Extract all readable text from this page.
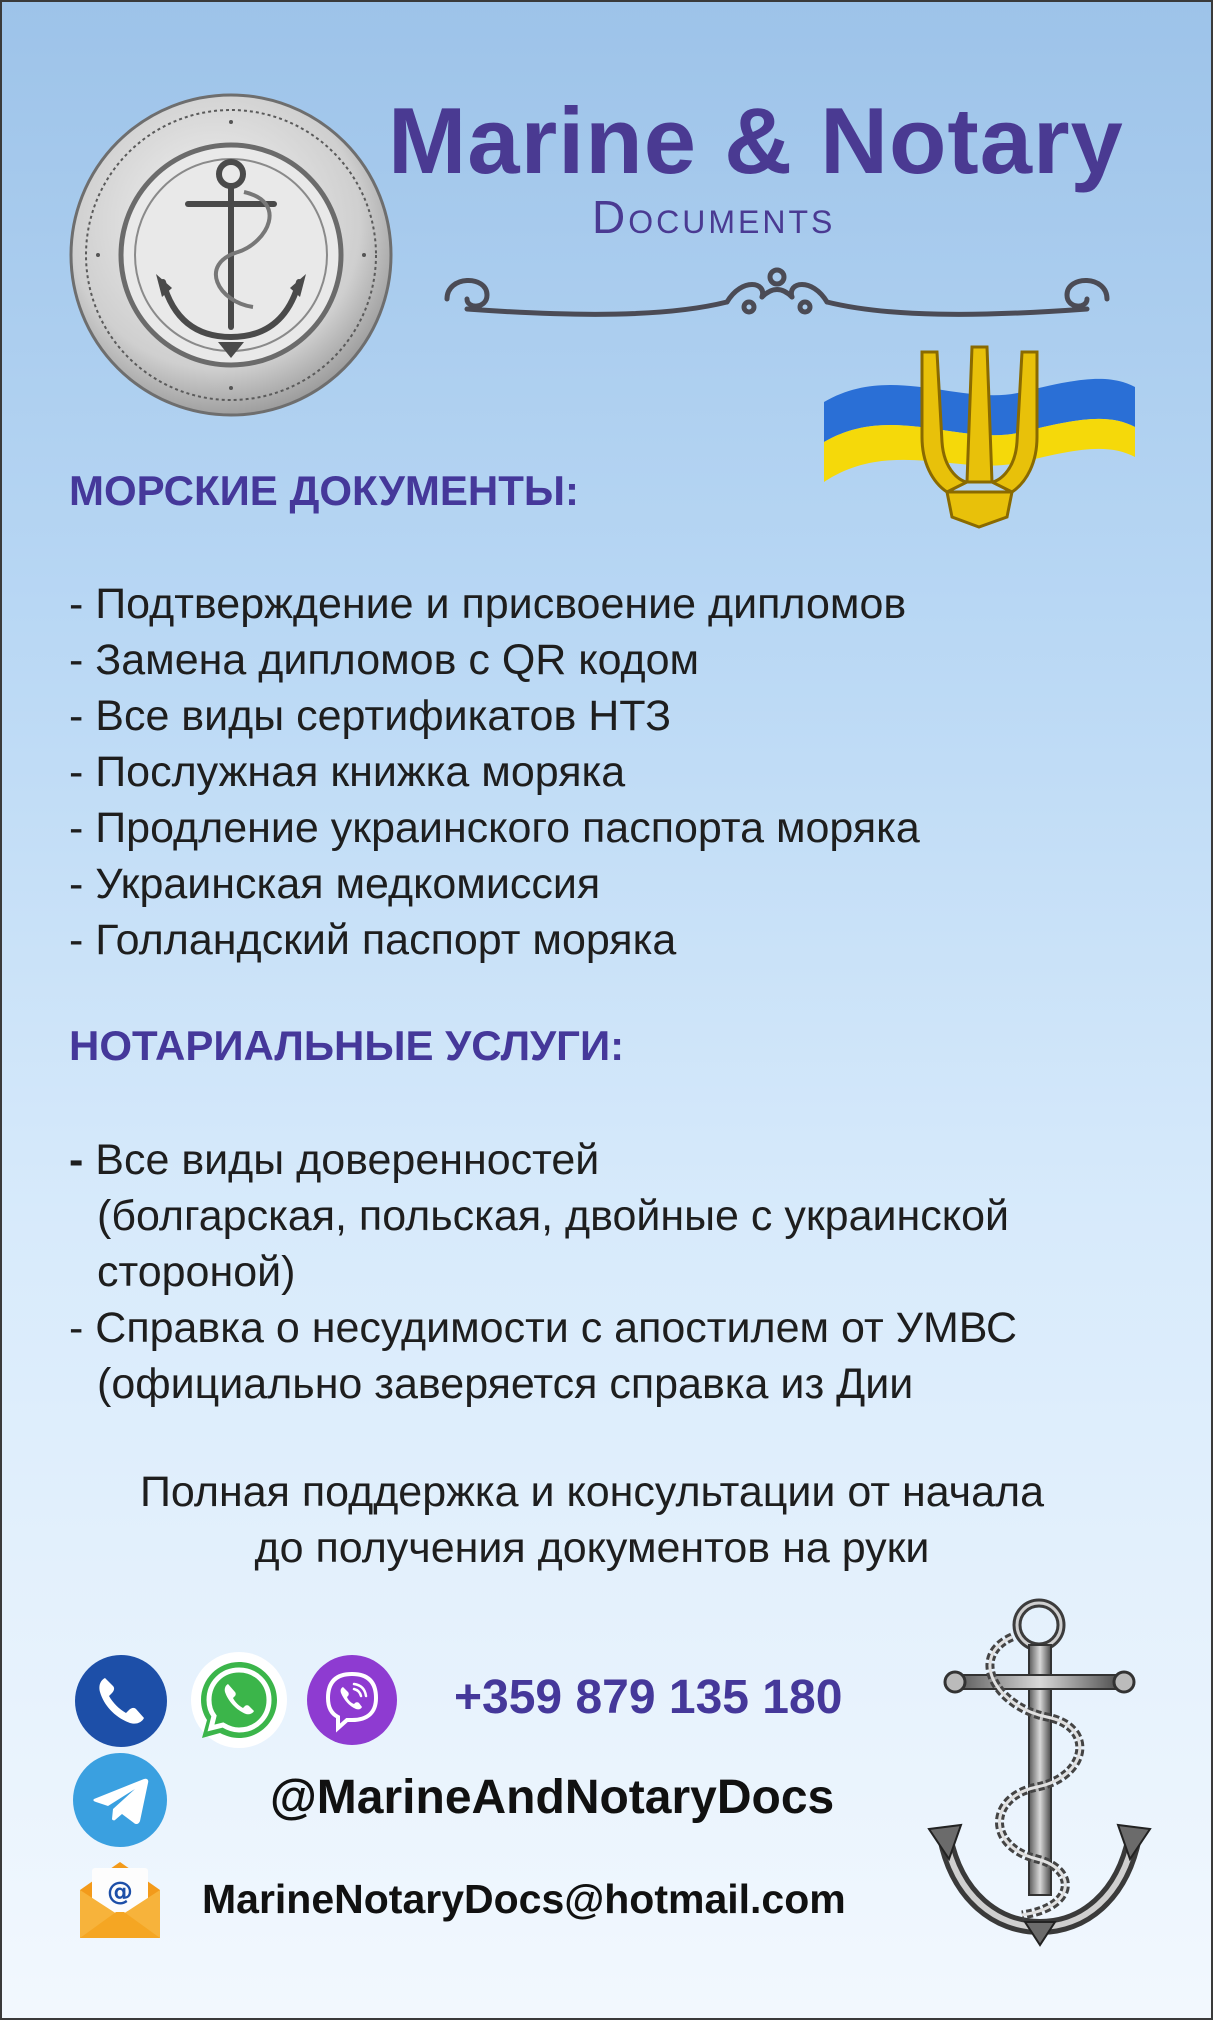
Marine & Notary
Documents
МОРСКИЕ ДОКУМЕНТЫ:
- Подтверждение и присвоение дипломов
- Замена дипломов с QR кодом
- Все виды сертификатов НТЗ
- Послужная книжка моряка
- Продление украинского паспорта моряка
- Украинская медкомиссия
- Голландский паспорт моряка
НОТАРИАЛЬНЫЕ УСЛУГИ:
- Все виды доверенностей
(болгарская, польская, двойные с украинской
стороной)
- Справка о несудимости с апостилем от УМВС
(официально заверяется справка из Дии
Полная поддержка и консультации от начала
до получения документов на руки
@
+359 879 135 180
@MarineAndNotaryDocs
MarineNotaryDocs@hotmail.com
